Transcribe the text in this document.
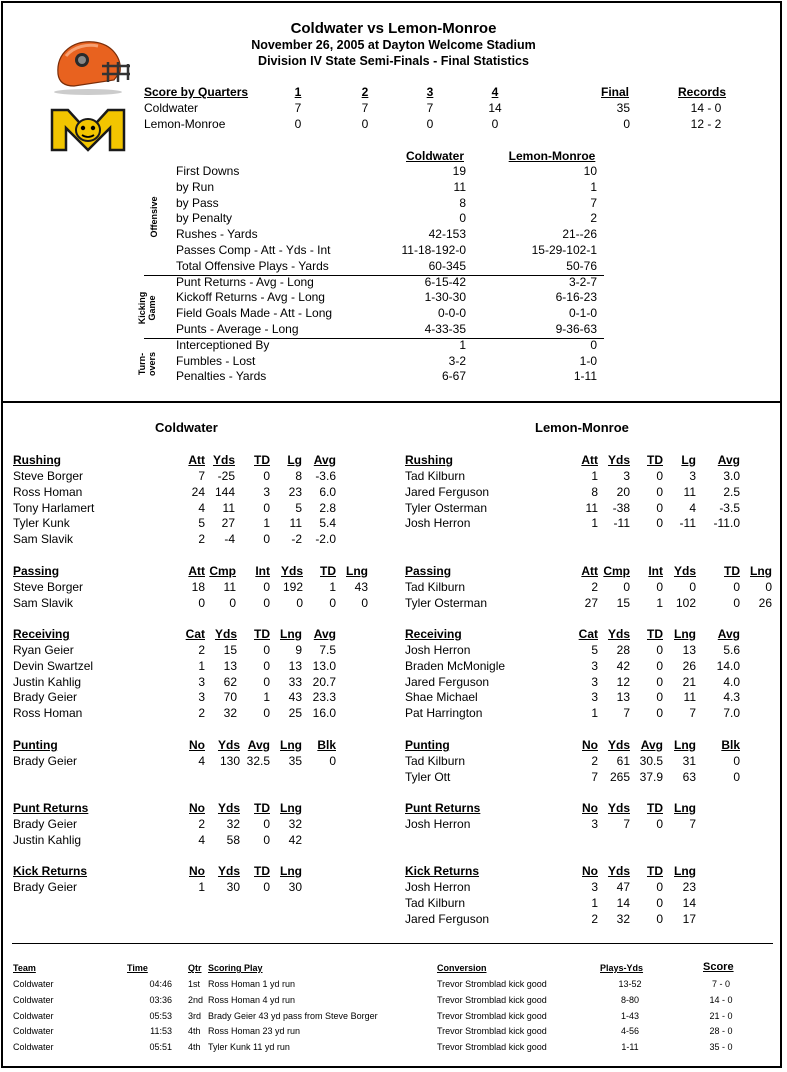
Coldwater vs Lemon-Monroe
November 26, 2005 at Dayton Welcome Stadium
Division IV State Semi-Finals - Final Statistics
Score by Quarters	1	2	3	4	Final	Records
Coldwater	7	7	7	14	35	14 - 0
Lemon-Monroe	0	0	0	0	0	12 - 2
Coldwater	Lemon-Monroe
First Downs	19	10
by Run	11	1
by Pass	8	7
by Penalty	0	2
Rushes - Yards	42-153	21--26
Passes Comp - Att - Yds - Int	11-18-192-0	15-29-102-1
Total Offensive Plays - Yards	60-345	50-76
Punt Returns - Avg - Long	6-15-42	3-2-7
Kickoff Returns - Avg - Long	1-30-30	6-16-23
Field Goals Made - Att - Long	0-0-0	0-1-0
Punts - Average - Long	4-33-35	9-36-63
Interceptioned By	1	0
Fumbles - Lost	3-2	1-0
Penalties - Yards	6-67	1-11
Offensive
Kicking
Game
Turn-
overs
Coldwater	Lemon-Monroe
Rushing	Att Yds	TD	Lg Avg
Steve Borger	7	-25	0	8	-3.6
Ross Homan	24 144	3	23	6.0
Tony Harlamert	4	11	0	5	2.8
Tyler Kunk	5	27	1	11	5.4
Sam Slavik	2	-4	0	-2	-2.0
Passing	Att Cmp	Int Yds	TD Lng
Steve Borger	18	11	0	192	1	43
Sam Slavik	0	0	0	0	0	0
Receiving	Cat Yds	TD Lng Avg
Ryan Geier	2	15	0	9	7.5
Devin Swartzel	1	13	0	13 13.0
Justin Kahlig	3	62	0	33 20.7
Brady Geier	3	70	1	43 23.3
Ross Homan	2	32	0	25 16.0
Punting	No	Yds Avg Lng	Blk
Brady Geier	4	130 32.5	35	0
Punt Returns	No	Yds	TD Lng
Brady Geier	2	32	0	32
Justin Kahlig	4	58	0	42
Kick Returns	No	Yds	TD Lng
Brady Geier	1	30	0	30
Rushing	Att Yds	TD	Lg	Avg
Tad Kilburn	1	3	0	3	3.0
Jared Ferguson	8	20	0	11	2.5
Tyler Osterman	11	-38	0	4	-3.5
Josh Herron	1	-11	0	-11	-11.0
Passing	Att Cmp	Int Yds	TD Lng
Tad Kilburn	2	0	0	0	0	0
Tyler Osterman	27	15	1	102	0	26
Receiving	Cat Yds	TD Lng	Avg
Josh Herron	5	28	0	13	5.6
Braden McMonigle	3	42	0	26	14.0
Jared Ferguson	3	12	0	21	4.0
Shae Michael	3	13	0	11	4.3
Pat Harrington	1	7	0	7	7.0
Punting	No Yds Avg Lng	Blk
Tad Kilburn	2	61 30.5	31	0
Tyler Ott	7 265 37.9	63	0
Punt Returns	No Yds	TD Lng
Josh Herron	3	7	0	7
Kick Returns	No Yds	TD Lng
Josh Herron	3	47	0	23
Tad Kilburn	1	14	0	14
Jared Ferguson	2	32	0	17
Team	Time	Qtr Scoring Play	Conversion	Plays-Yds	Score
Coldwater	04:46 1st Ross Homan 1 yd run	Trevor Stromblad kick good	13-52	7 - 0
Coldwater	03:36 2nd Ross Homan 4 yd run	Trevor Stromblad kick good	8-80	14 - 0
Coldwater	05:53 3rd Brady Geier 43 yd pass from Steve Borger	Trevor Stromblad kick good	1-43	21 - 0
Coldwater	11:53 4th Ross Homan 23 yd run	Trevor Stromblad kick good	4-56	28 - 0
Coldwater	05:51 4th Tyler Kunk 11 yd run	Trevor Stromblad kick good	1-11	35 - 0
